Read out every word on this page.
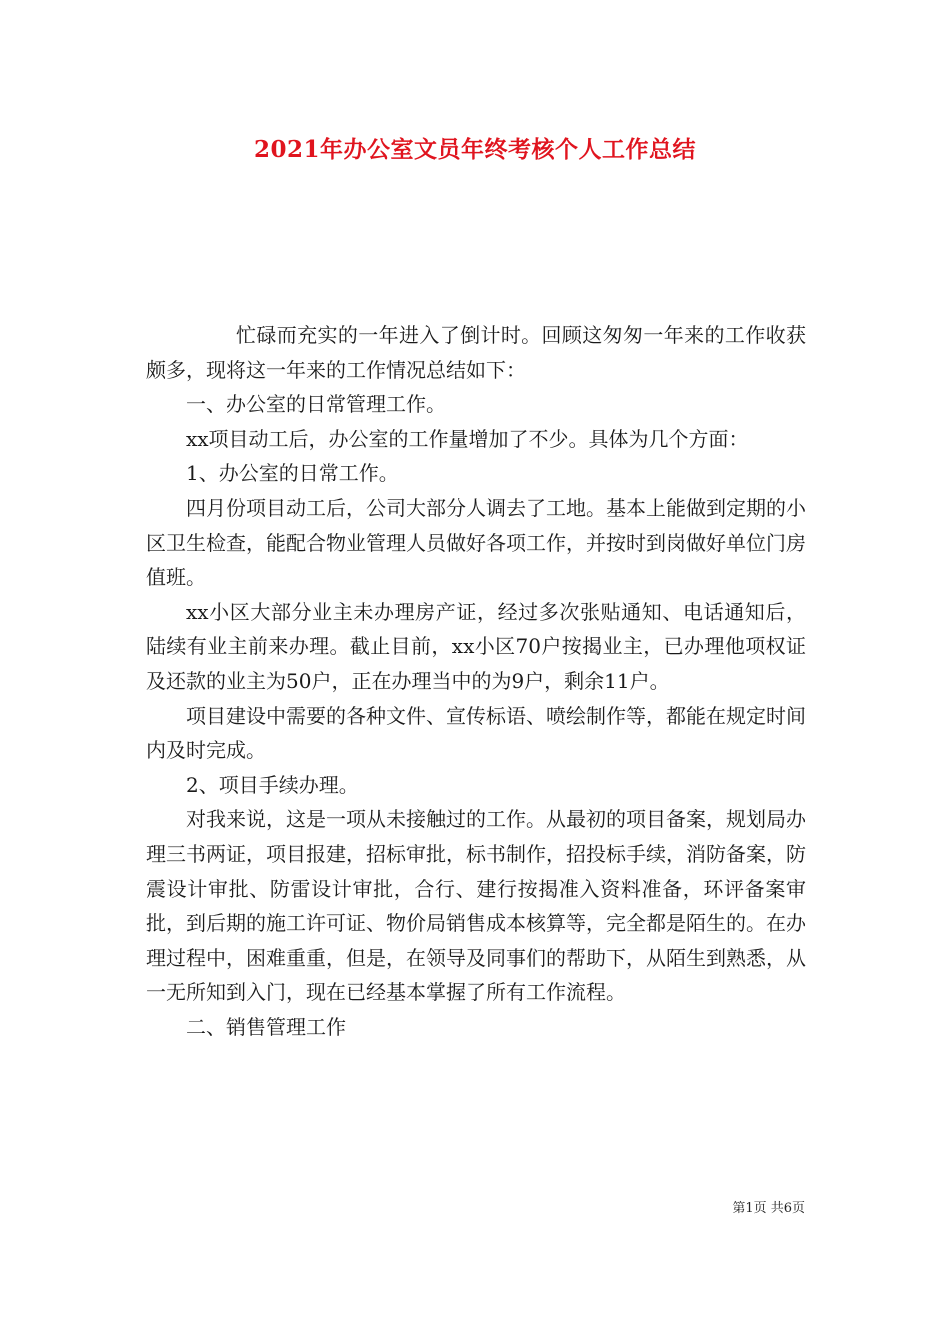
2021年办公室文员年终考核个人工作总结

忙碌而充实的一年进入了倒计时。回顾这匆匆一年来的工作收获颇多，现将这一年来的工作情况总结如下：

一、办公室的日常管理工作。

xx项目动工后，办公室的工作量增加了不少。具体为几个方面：

1、办公室的日常工作。

四月份项目动工后，公司大部分人调去了工地。基本上能做到定期的小区卫生检查，能配合物业管理人员做好各项工作，并按时到岗做好单位门房值班。

xx小区大部分业主未办理房产证，经过多次张贴通知、电话通知后，陆续有业主前来办理。截止目前，xx小区70户按揭业主，已办理他项权证及还款的业主为50户，正在办理当中的为9户，剩余11户。

项目建设中需要的各种文件、宣传标语、喷绘制作等，都能在规定时间内及时完成。

2、项目手续办理。

对我来说，这是一项从未接触过的工作。从最初的项目备案，规划局办理三书两证，项目报建，招标审批，标书制作，招投标手续，消防备案，防震设计审批、防雷设计审批，合行、建行按揭准入资料准备，环评备案审批，到后期的施工许可证、物价局销售成本核算等，完全都是陌生的。在办理过程中，困难重重，但是，在领导及同事们的帮助下，从陌生到熟悉，从一无所知到入门，现在已经基本掌握了所有工作流程。

二、销售管理工作

第1页 共6页
